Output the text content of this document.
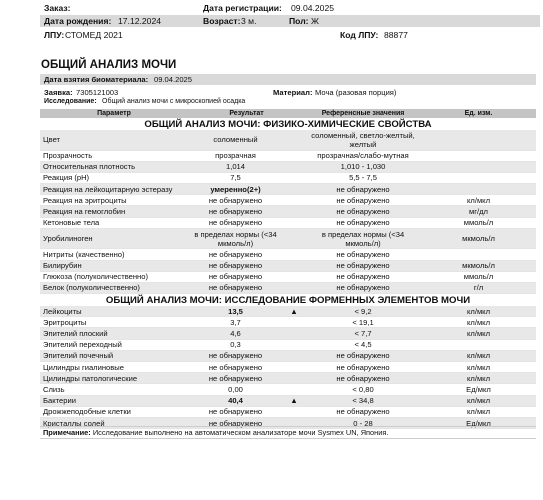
Заказ:	Дата регистрации: 09.04.2025
Дата рождения: 17.12.2024	Возраст: 3 м.	Пол: Ж
ЛПУ: СТОМЕД 2021	Код ЛПУ: 88877
ОБЩИЙ АНАЛИЗ МОЧИ
Дата взятия биоматериала: 09.04.2025
Заявка: 7305121003	Материал: Моча (разовая порция)
Исследование: Общий анализ мочи с микроскопией осадка
Параметр	Результат		Референсные значения	Ед. изм.
ОБЩИЙ АНАЛИЗ МОЧИ: ФИЗИКО-ХИМИЧЕСКИЕ СВОЙСТВА				
Цвет	соломенный		соломенный, светло-желтый, желтый	
Прозрачность	прозрачная		прозрачная/слабо-мутная	
Относительная плотность	1,014		1,010 - 1,030	
Реакция (pH)	7,5		5,5 - 7,5	
Реакция на лейкоцитарную эстеразу	умеренно(2+)		не обнаружено	
Реакция на эритроциты	не обнаружено		не обнаружено	кл/мкл
Реакция на гемоглобин	не обнаружено		не обнаружено	мг/дл
Кетоновые тела	не обнаружено		не обнаружено	ммоль/л
Уробилиноген	в пределах нормы (<34 мкмоль/л)		в пределах нормы (<34 мкмоль/л)	мкмоль/л
Нитриты (качественно)	не обнаружено		не обнаружено	
Билирубин	не обнаружено		не обнаружено	мкмоль/л
Глюкоза (полуколичественно)	не обнаружено		не обнаружено	ммоль/л
Белок (полуколичественно)	не обнаружено		не обнаружено	г/л
ОБЩИЙ АНАЛИЗ МОЧИ: ИССЛЕДОВАНИЕ ФОРМЕННЫХ ЭЛЕМЕНТОВ МОЧИ				
Лейкоциты	13,5	▲	< 9,2	кл/мкл
Эритроциты	3,7		< 19,1	кл/мкл
Эпителий плоский	4,6		< 7,7	кл/мкл
Эпителий переходный	0,3		< 4,5	
Эпителий почечный	не обнаружено		не обнаружено	кл/мкл
Цилиндры гиалиновые	не обнаружено		не обнаружено	кл/мкл
Цилиндры патологические	не обнаружено		не обнаружено	кл/мкл
Слизь	0,00		< 0,80	Ед/мкл
Бактерии	40,4	▲	< 34,8	кл/мкл
Дрожжеподобные клетки	не обнаружено		не обнаружено	кл/мкл
Кристаллы солей	не обнаружено		0 - 28	Ед/мкл
Примечание: Исследование выполнено на автоматическом анализаторе мочи Sysmex UN, Япония.
